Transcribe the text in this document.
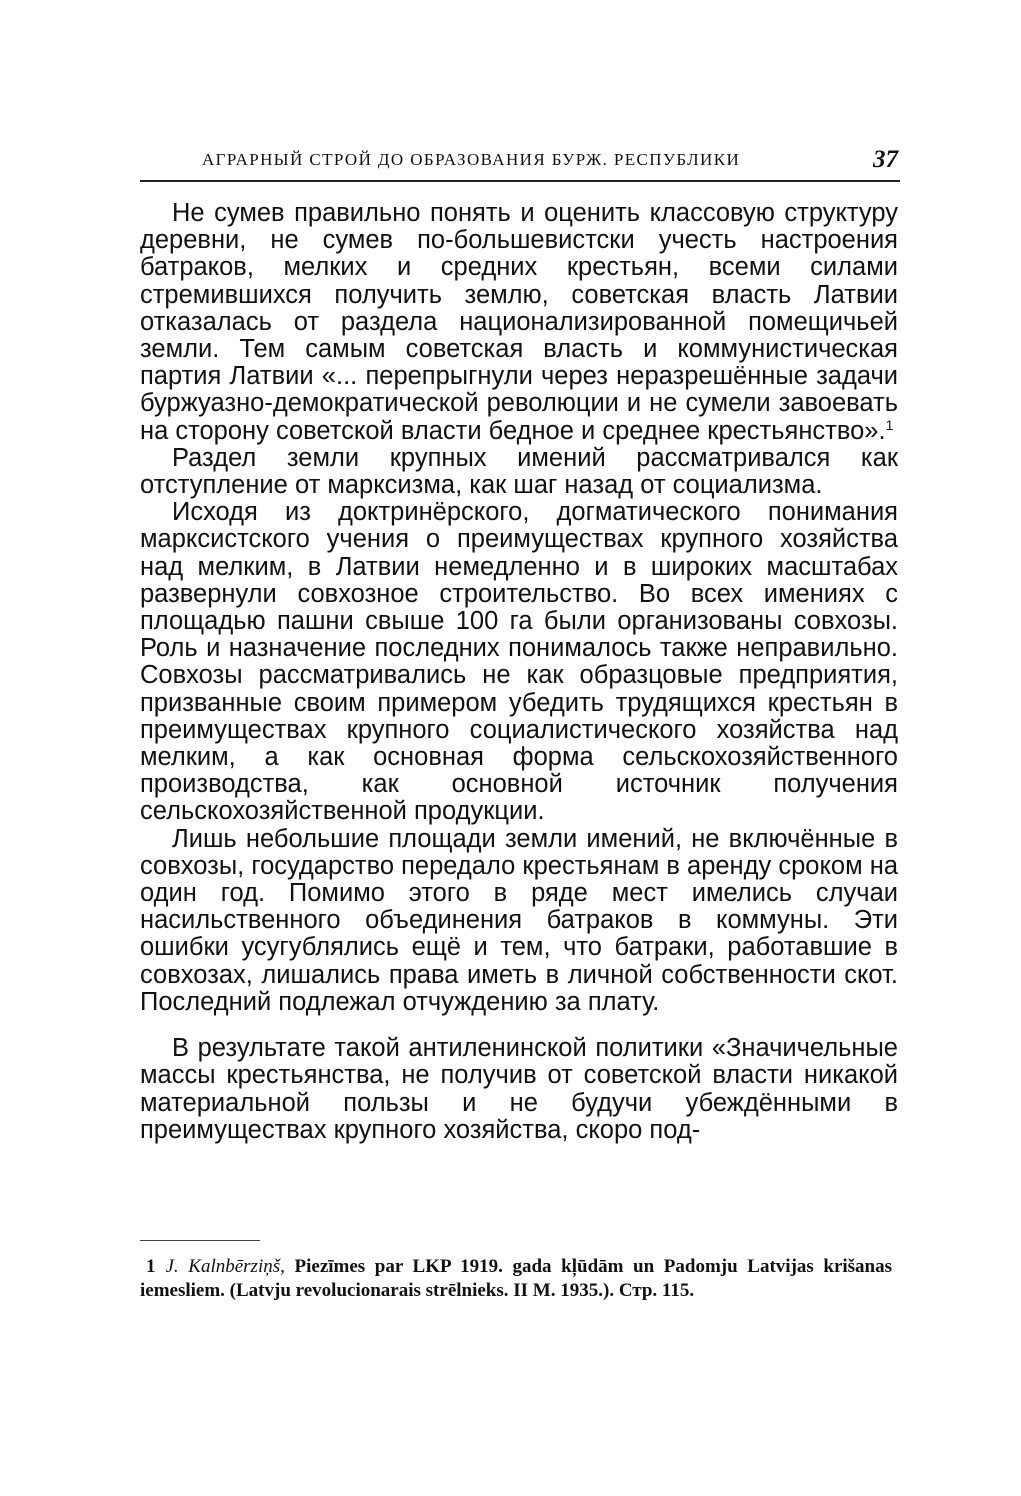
АГРАРНЫЙ СТРОЙ ДО ОБРАЗОВАНИЯ БУРЖ. РЕСПУБЛИКИ	37

Не сумев правильно понять и оценить классовую структуру деревни, не сумев по-большевистски учесть настроения батраков, мелких и средних крестьян, всеми силами стремившихся получить землю, советская власть Латвии отказалась от раздела национализированной помещичьей земли. Тем самым советская власть и коммунистическая партия Латвии «... перепрыгнули через неразрешённые задачи буржуазно-демократической революции и не сумели завоевать на сторону советской власти бедное и среднее крестьянство».$^1$

Раздел земли крупных имений рассматривался как отступление от марксизма, как шаг назад от социализма.

Исходя из доктринёрского, догматического понимания марксистского учения о преимуществах крупного хозяйства над мелким, в Латвии немедленно и в широких масштабах развернули совхозное строительство. Во всех имениях с площадью пашни свыше 100 га были организованы совхозы. Роль и назначение последних понималось также неправильно. Совхозы рассматривались не как образцовые предприятия, призванные своим примером убедить трудящихся крестьян в преимуществах крупного социалистического хозяйства над мелким, а как основная форма сельскохозяйственного производства, как основной источник получения сельскохозяйственной продукции.

Лишь небольшие площади земли имений, не включённые в совхозы, государство передало крестьянам в аренду сроком на один год. Помимо этого в ряде мест имелись случаи насильственного объединения батраков в коммуны. Эти ошибки усугублялись ещё и тем, что батраки, работавшие в совхозах, лишались права иметь в личной собственности скот. Последний подлежал отчуждению за плату.

В результате такой антиленинской политики «Значичельные массы крестьянства, не получив от советской власти никакой материальной пользы и не будучи убеждёнными в преимуществах крупного хозяйства, скоро под-

1 J. Kalnbērziņš, Piezīmes par LKP 1919. gada kļūdām un Padomju Latvijas krišanas iemesliem. (Latvju revolucionarais strēlnieks. II M. 1935.). Стр. 115.
